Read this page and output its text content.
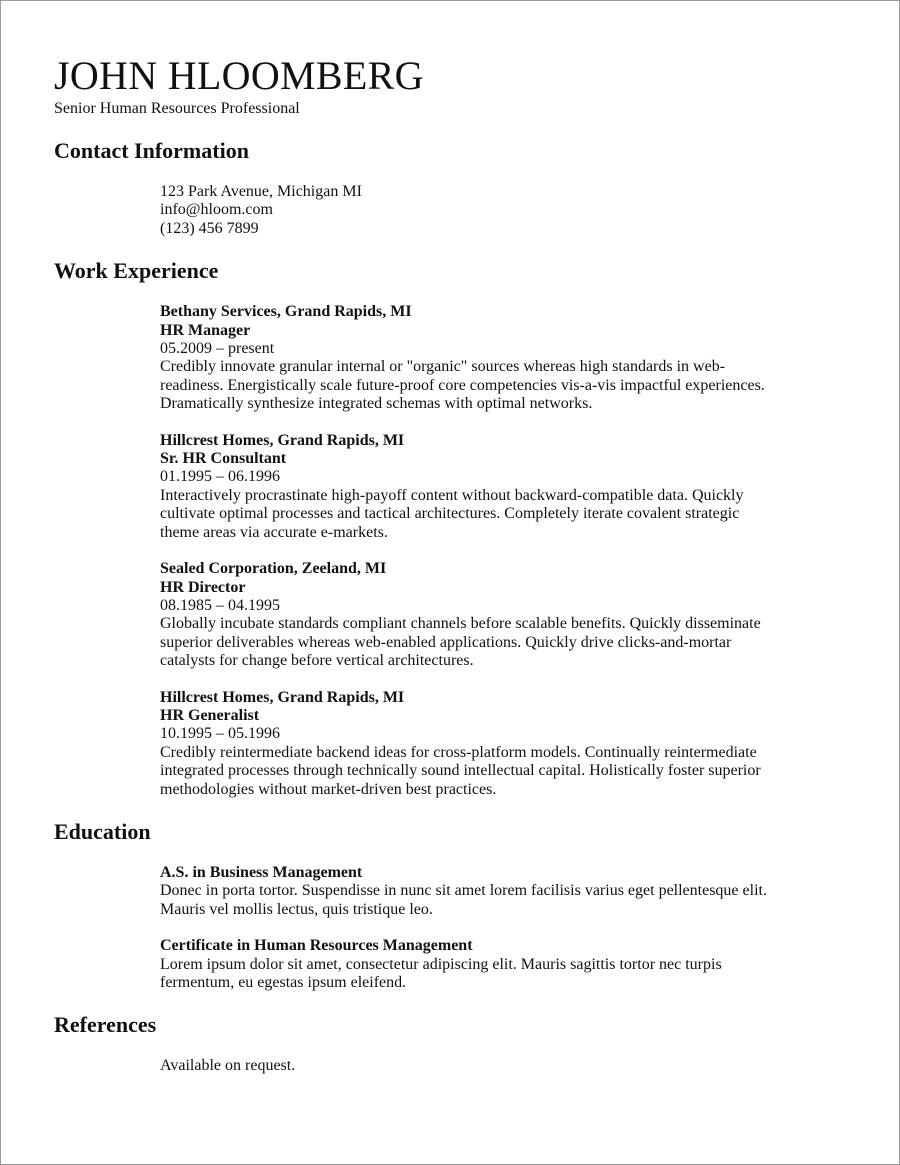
JOHN HLOOMBERG

Senior Human Resources Professional

Contact Information
123 Park Avenue, Michigan MI
info@hloom.com
(123) 456 7899
Work Experience
Bethany Services, Grand Rapids, MI
HR Manager
05.2009 – present
Credibly innovate granular internal or "organic" sources whereas high standards in web-
readiness. Energistically scale future-proof core competencies vis-a-vis impactful experiences.
Dramatically synthesize integrated schemas with optimal networks.
Hillcrest Homes, Grand Rapids, MI
Sr. HR Consultant
01.1995 – 06.1996
Interactively procrastinate high-payoff content without backward-compatible data. Quickly
cultivate optimal processes and tactical architectures. Completely iterate covalent strategic
theme areas via accurate e-markets.
Sealed Corporation, Zeeland, MI
HR Director
08.1985 – 04.1995
Globally incubate standards compliant channels before scalable benefits. Quickly disseminate
superior deliverables whereas web-enabled applications. Quickly drive clicks-and-mortar
catalysts for change before vertical architectures.
Hillcrest Homes, Grand Rapids, MI
HR Generalist
10.1995 – 05.1996
Credibly reintermediate backend ideas for cross-platform models. Continually reintermediate
integrated processes through technically sound intellectual capital. Holistically foster superior
methodologies without market-driven best practices.
Education
A.S. in Business Management
Donec in porta tortor. Suspendisse in nunc sit amet lorem facilisis varius eget pellentesque elit.
Mauris vel mollis lectus, quis tristique leo.
Certificate in Human Resources Management
Lorem ipsum dolor sit amet, consectetur adipiscing elit. Mauris sagittis tortor nec turpis
fermentum, eu egestas ipsum eleifend.
References
Available on request.
